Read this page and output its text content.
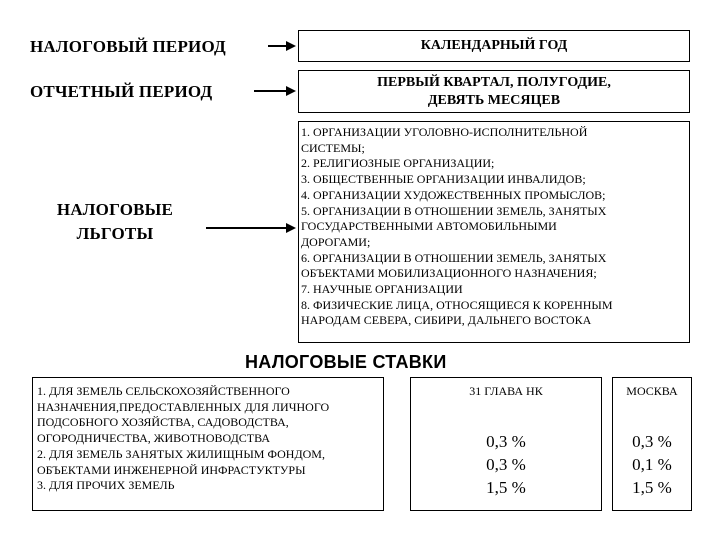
НАЛОГОВЫЙ ПЕРИОД	КАЛЕНДАРНЫЙ ГОД
ОТЧЕТНЫЙ ПЕРИОД	ПЕРВЫЙ КВАРТАЛ, ПОЛУГОДИЕ,
ДЕВЯТЬ МЕСЯЦЕВ
НАЛОГОВЫЕ
ЛЬГОТЫ
1. ОРГАНИЗАЦИИ УГОЛОВНО-ИСПОЛНИТЕЛЬНОЙ
СИСТЕМЫ;
2. РЕЛИГИОЗНЫЕ ОРГАНИЗАЦИИ;
3. ОБЩЕСТВЕННЫЕ ОРГАНИЗАЦИИ ИНВАЛИДОВ;
4. ОРГАНИЗАЦИИ ХУДОЖЕСТВЕННЫХ ПРОМЫСЛОВ;
5. ОРГАНИЗАЦИИ В ОТНОШЕНИИ ЗЕМЕЛЬ, ЗАНЯТЫХ
ГОСУДАРСТВЕННЫМИ АВТОМОБИЛЬНЫМИ
ДОРОГАМИ;
6. ОРГАНИЗАЦИИ В ОТНОШЕНИИ ЗЕМЕЛЬ, ЗАНЯТЫХ
ОБЪЕКТАМИ МОБИЛИЗАЦИОННОГО НАЗНАЧЕНИЯ;
7. НАУЧНЫЕ ОРГАНИЗАЦИИ
8. ФИЗИЧЕСКИЕ ЛИЦА, ОТНОСЯЩИЕСЯ К КОРЕННЫМ
НАРОДАМ СЕВЕРА, СИБИРИ, ДАЛЬНЕГО ВОСТОКА
НАЛОГОВЫЕ СТАВКИ
1. ДЛЯ ЗЕМЕЛЬ СЕЛЬСКОХОЗЯЙСТВЕННОГО
НАЗНАЧЕНИЯ,ПРЕДОСТАВЛЕННЫХ ДЛЯ ЛИЧНОГО
ПОДСОБНОГО ХОЗЯЙСТВА, САДОВОДСТВА,
ОГОРОДНИЧЕСТВА, ЖИВОТНОВОДСТВА
2. ДЛЯ ЗЕМЕЛЬ ЗАНЯТЫХ ЖИЛИЩНЫМ ФОНДОМ,
ОБЪЕКТАМИ ИНЖЕНЕРНОЙ ИНФРАСТУКТУРЫ
3. ДЛЯ ПРОЧИХ ЗЕМЕЛЬ
31 ГЛАВА НК
0,3 %
0,3 %
1,5 %
МОСКВА
0,3 %
0,1 %
1,5 %
